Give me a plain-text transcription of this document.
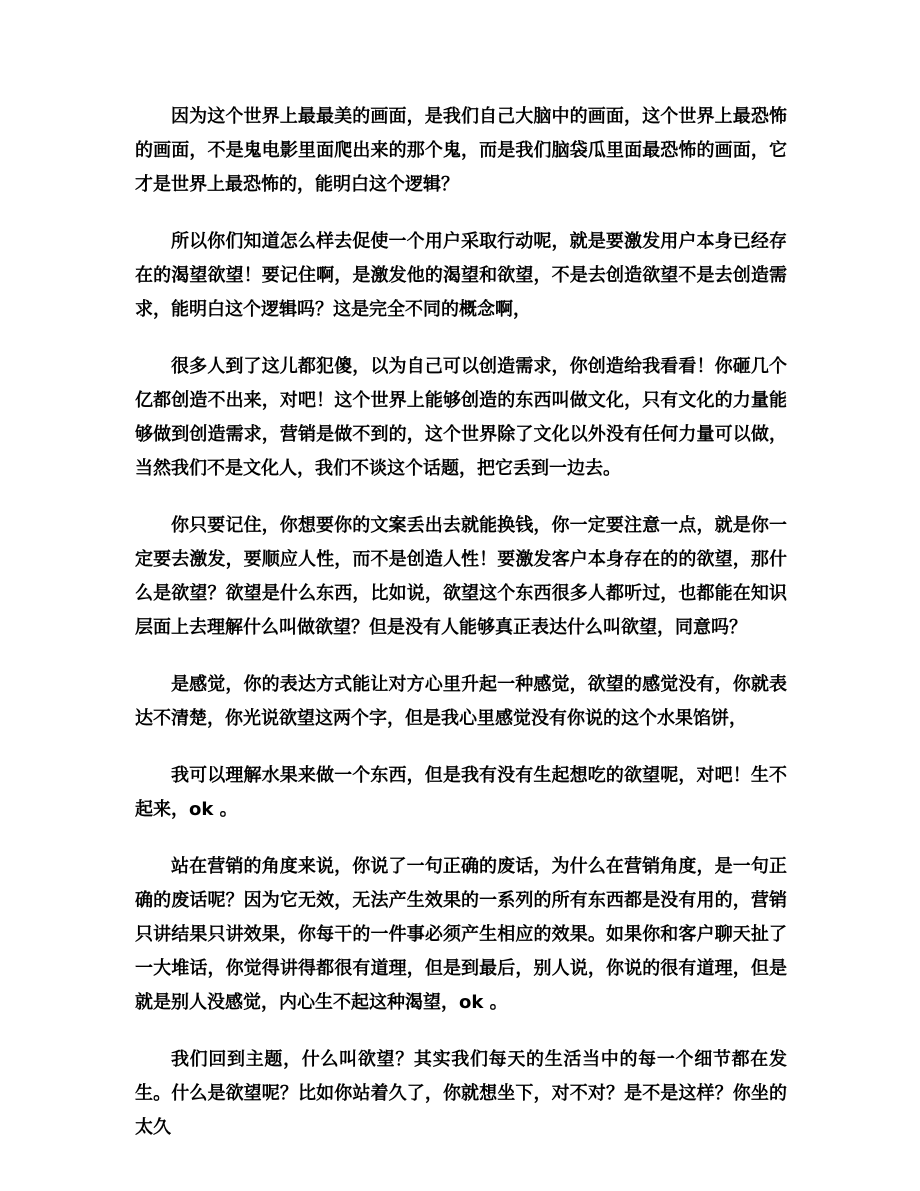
因为这个世界上最最美的画面，是我们自己大脑中的画面，这个世界上最恐怖的画面，不是鬼电影里面爬出来的那个鬼，而是我们脑袋瓜里面最恐怖的画面，它才是世界上最恐怖的，能明白这个逻辑？

所以你们知道怎么样去促使一个用户采取行动呢，就是要激发用户本身已经存在的渴望欲望！要记住啊，是激发他的渴望和欲望，不是去创造欲望不是去创造需求，能明白这个逻辑吗？这是完全不同的概念啊，

很多人到了这儿都犯傻，以为自己可以创造需求，你创造给我看看！你砸几个亿都创造不出来，对吧！这个世界上能够创造的东西叫做文化，只有文化的力量能够做到创造需求，营销是做不到的，这个世界除了文化以外没有任何力量可以做，当然我们不是文化人，我们不谈这个话题，把它丢到一边去。

你只要记住，你想要你的文案丢出去就能换钱，你一定要注意一点，就是你一定要去激发，要顺应人性，而不是创造人性！要激发客户本身存在的的欲望，那什么是欲望？欲望是什么东西，比如说，欲望这个东西很多人都听过，也都能在知识层面上去理解什么叫做欲望？但是没有人能够真正表达什么叫欲望，同意吗？

是感觉，你的表达方式能让对方心里升起一种感觉，欲望的感觉没有，你就表达不清楚，你光说欲望这两个字，但是我心里感觉没有你说的这个水果馅饼，

我可以理解水果来做一个东西，但是我有没有生起想吃的欲望呢，对吧！生不起来，ok 。

站在营销的角度来说，你说了一句正确的废话，为什么在营销角度，是一句正确的废话呢？因为它无效，无法产生效果的一系列的所有东西都是没有用的，营销只讲结果只讲效果，你每干的一件事必须产生相应的效果。如果你和客户聊天扯了一大堆话，你觉得讲得都很有道理，但是到最后，别人说，你说的很有道理，但是就是别人没感觉，内心生不起这种渴望，ok 。

我们回到主题，什么叫欲望？其实我们每天的生活当中的每一个细节都在发生。什么是欲望呢？比如你站着久了，你就想坐下，对不对？是不是这样？你坐的太久
